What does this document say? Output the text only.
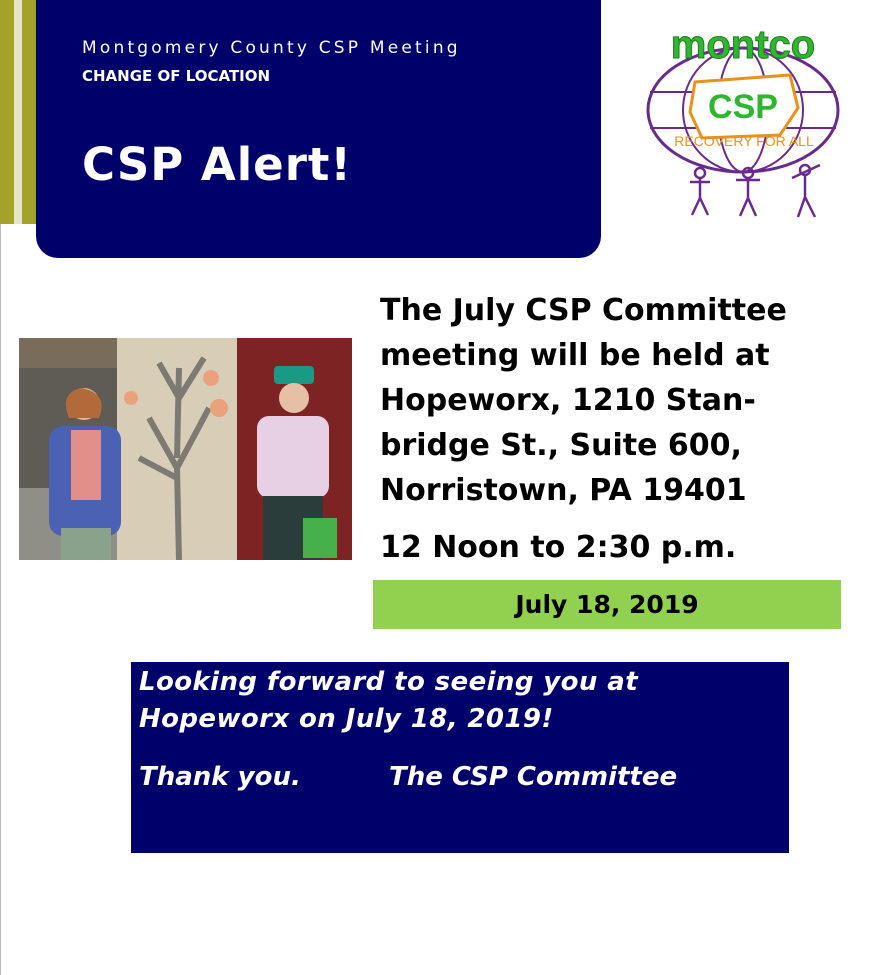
Montgomery County CSP Meeting
CHANGE OF LOCATION
CSP Alert!
montco
CSP
RECOVERY FOR ALL
The July CSP Committee
meeting will be held at
Hopeworx, 1210 Stan-
bridge St., Suite 600,
Norristown, PA 19401
12 Noon to 2:30 p.m.
July 18, 2019
Looking forward to seeing you at
Hopeworx on July 18, 2019!
Thank you.	The CSP Committee
